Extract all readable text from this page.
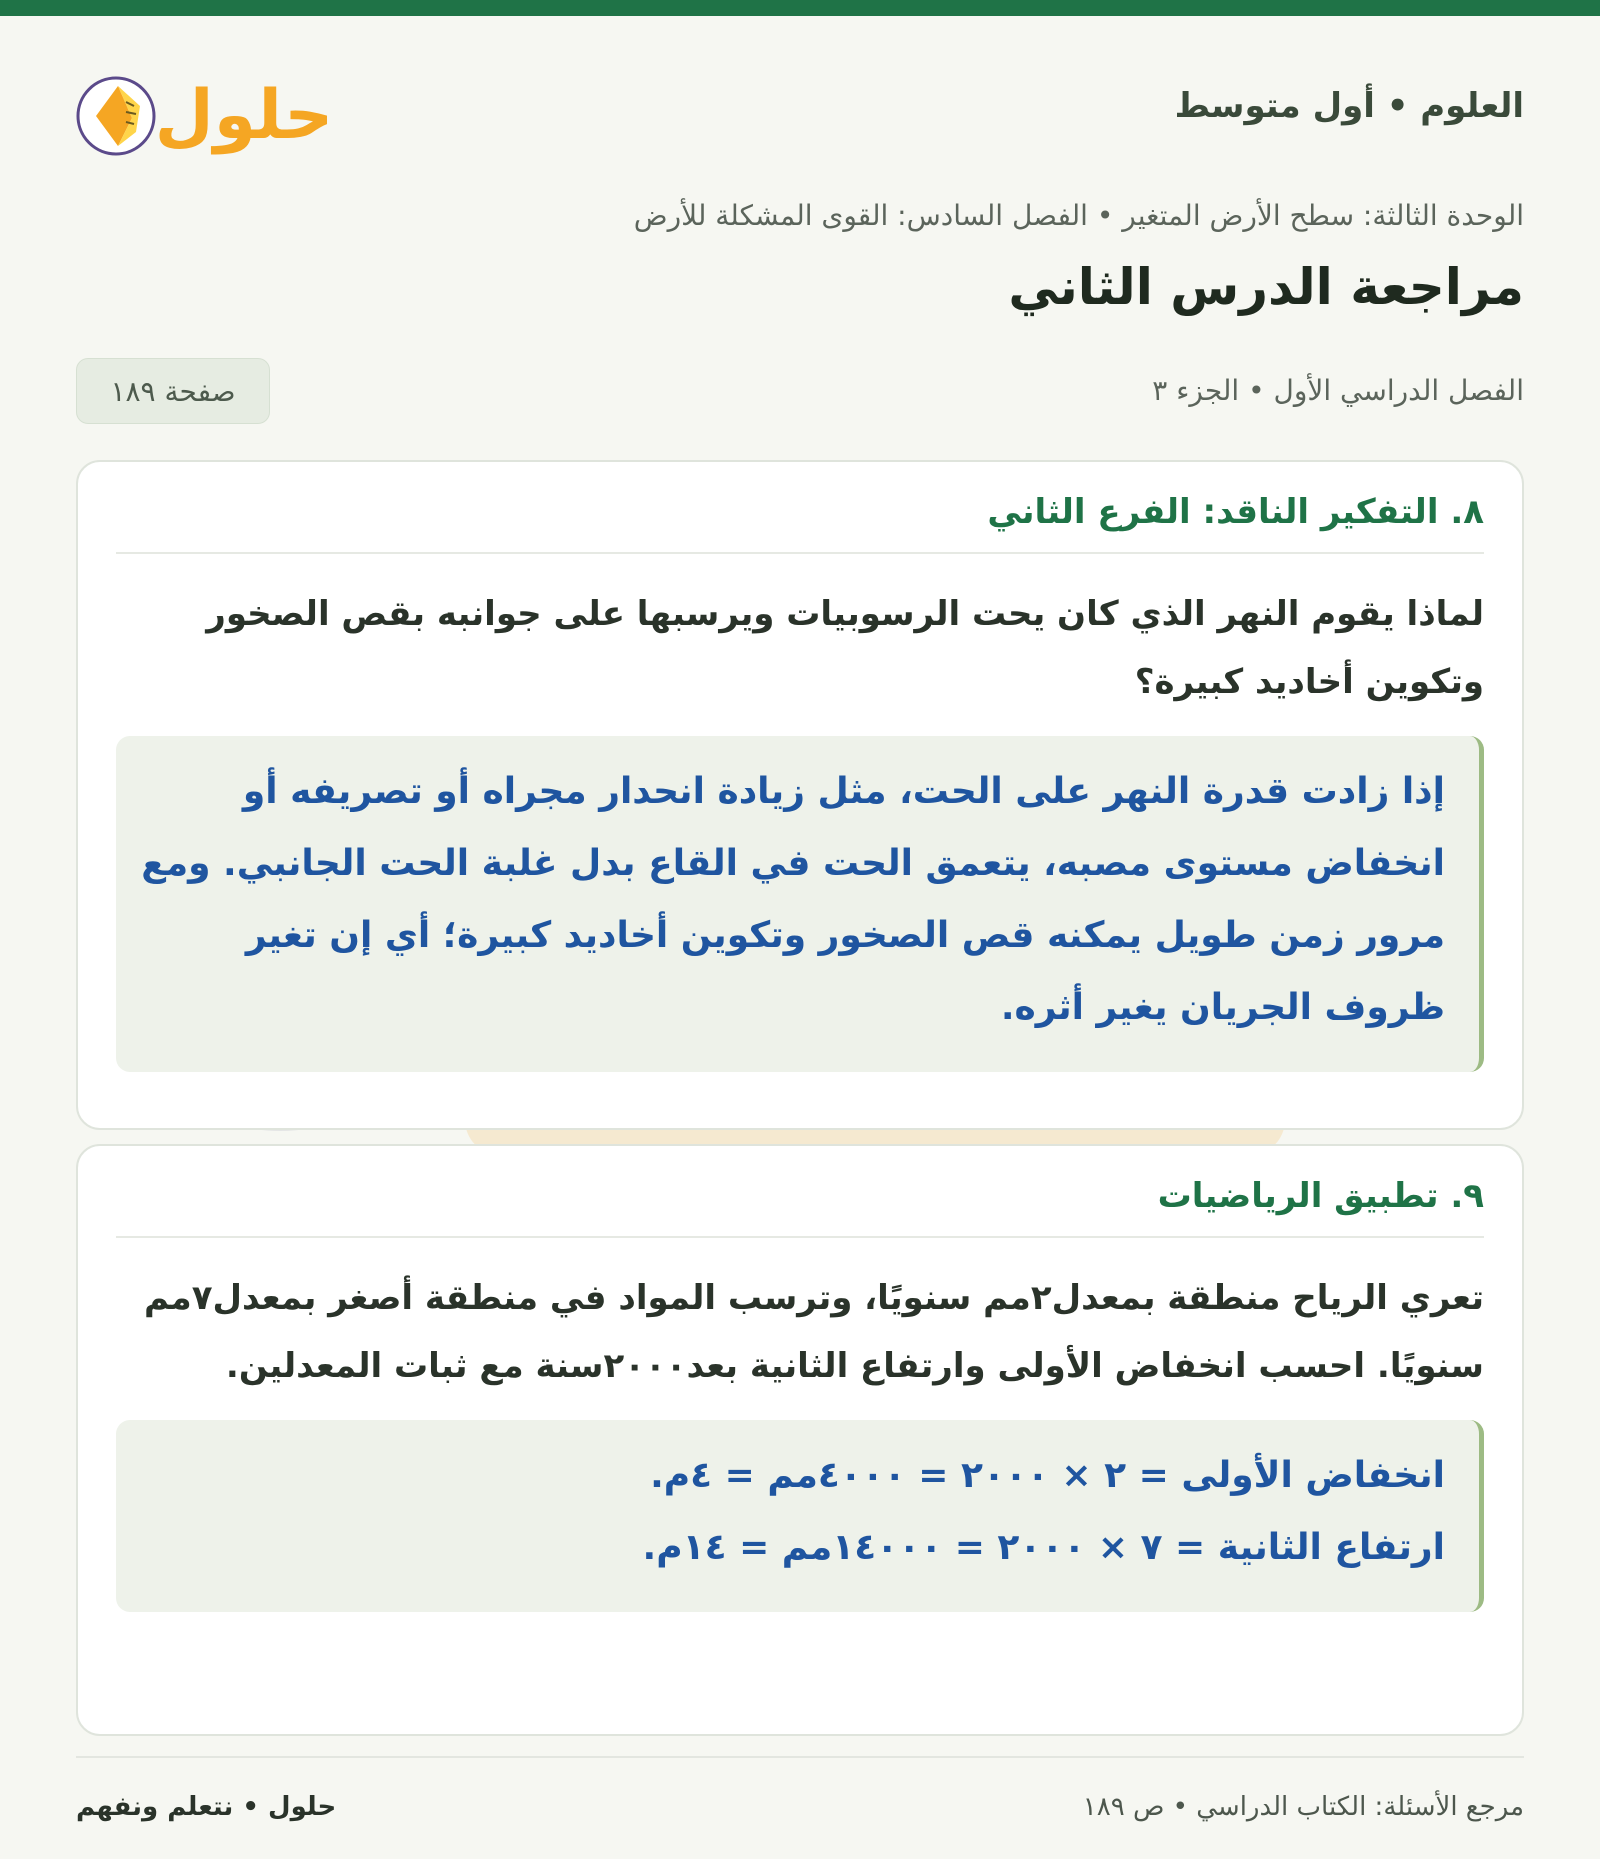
العلوم • أول متوسط
حلول
الوحدة الثالثة: سطح الأرض المتغير • الفصل السادس: القوى المشكلة للأرض
مراجعة الدرس الثاني
الفصل الدراسي الأول • الجزء ٣
صفحة ١٨٩
٨. التفكير الناقد: الفرع الثاني
لماذا يقوم النهر الذي كان يحت الرسوبيات ويرسبها على جوانبه بقص الصخور وتكوين أخاديد كبيرة؟
إذا زادت قدرة النهر على الحت، مثل زيادة انحدار مجراه أو تصريفه أو انخفاض مستوى مصبه، يتعمق الحت في القاع بدل غلبة الحت الجانبي. ومع مرور زمن طويل يمكنه قص الصخور وتكوين أخاديد كبيرة؛ أي إن تغير ظروف الجريان يغير أثره.
٩. تطبيق الرياضيات
تعري الرياح منطقة بمعدل٢مم سنويًا، وترسب المواد في منطقة أصغر بمعدل٧مم سنويًا. احسب انخفاض الأولى وارتفاع الثانية بعد٢٠٠٠سنة مع ثبات المعدلين.
انخفاض الأولى = ٢ × ٢٠٠٠ = ٤٠٠٠مم = ٤م.
ارتفاع الثانية = ٧ × ٢٠٠٠ = ١٤٠٠٠مم = ١٤م.
مرجع الأسئلة: الكتاب الدراسي • ص ١٨٩
حلول • نتعلم ونفهم
